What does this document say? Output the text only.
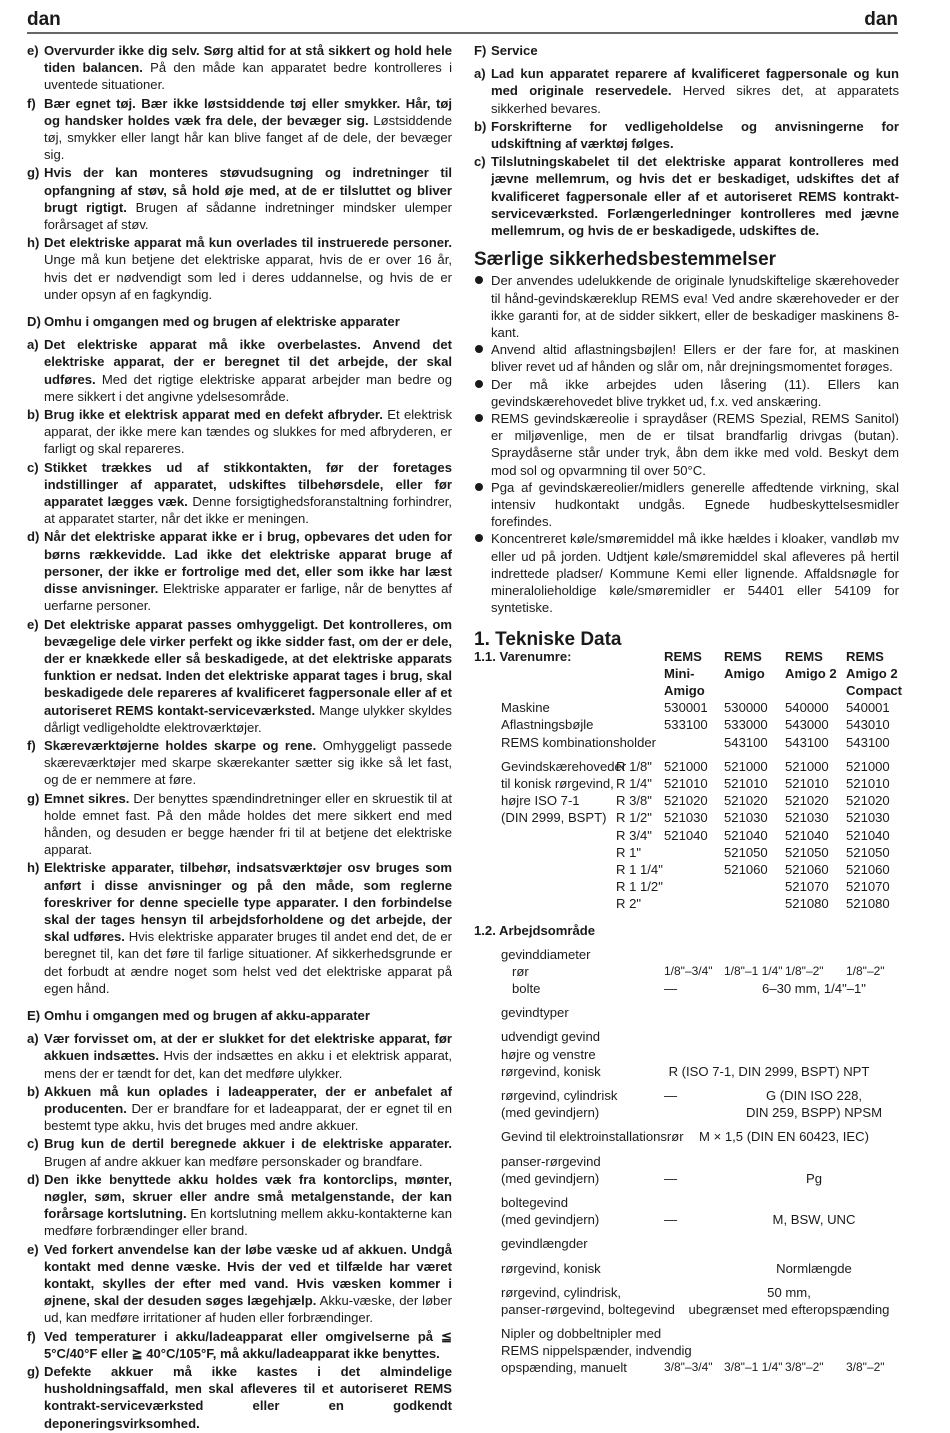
dan	dan
e) Overvurder ikke dig selv. Sørg altid for at stå sikkert og hold hele tiden balancen. På den måde kan apparatet bedre kontrolleres i uventede situationer.
f) Bær egnet tøj. Bær ikke løstsiddende tøj eller smykker. Hår, tøj og handsker holdes væk fra dele, der bevæger sig. Løstsiddende tøj, smykker eller langt hår kan blive fanget af de dele, der bevæger sig.
g) Hvis der kan monteres støvudsugning og indretninger til opfangning af støv, så hold øje med, at de er tilsluttet og bliver brugt rigtigt. Brugen af sådanne indretninger mindsker ulemper forårsaget af støv.
h) Det elektriske apparat må kun overlades til instruerede personer. Unge må kun betjene det elektriske apparat, hvis de er over 16 år, hvis det er nødvendigt som led i deres uddannelse, og hvis de er under opsyn af en fagkyndig.
D) Omhu i omgangen med og brugen af elektriske apparater
a) Det elektriske apparat må ikke overbelastes. Anvend det elektriske apparat, der er beregnet til det arbejde, der skal udføres. Med det rigtige elektriske apparat arbejder man bedre og mere sikkert i det angivne ydelsesområde.
b) Brug ikke et elektrisk apparat med en defekt afbryder. Et elektrisk apparat, der ikke mere kan tændes og slukkes for med afbryderen, er farligt og skal repareres.
c) Stikket trækkes ud af stikkontakten, før der foretages indstillinger af apparatet, udskiftes tilbehørsdele, eller før apparatet lægges væk. Denne forsigtighedsforanstaltning forhindrer, at apparatet starter, når det ikke er meningen.
d) Når det elektriske apparat ikke er i brug, opbevares det uden for børns rækkevidde. Lad ikke det elektriske apparat bruge af personer, der ikke er fortrolige med det, eller som ikke har læst disse anvisninger. Elektriske apparater er farlige, når de benyttes af uerfarne personer.
e) Det elektriske apparat passes omhyggeligt. Det kontrolleres, om bevægelige dele virker perfekt og ikke sidder fast, om der er dele, der er knækkede eller så beskadigede, at det elektriske apparats funktion er nedsat. Inden det elektriske apparat tages i brug, skal beskadigede dele repareres af kvalificeret fagpersonale eller af et autoriseret REMS kontakt-serviceværksted. Mange ulykker skyldes dårligt vedligeholdte elektroværktøjer.
f) Skæreværktøjerne holdes skarpe og rene. Omhyggeligt passede skæreværktøjer med skarpe skærekanter sætter sig ikke så let fast, og de er nemmere at føre.
g) Emnet sikres. Der benyttes spændindretninger eller en skruestik til at holde emnet fast. På den måde holdes det mere sikkert end med hånden, og desuden er begge hænder fri til at betjene det elektriske apparat.
h) Elektriske apparater, tilbehør, indsatsværktøjer osv bruges som anført i disse anvisninger og på den måde, som reglerne foreskriver for denne specielle type apparater. I den forbindelse skal der tages hensyn til arbejdsforholdene og det arbejde, der skal udføres. Hvis elektriske apparater bruges til andet end det, de er beregnet til, kan det føre til farlige situationer. Af sikkerhedsgrunde er det forbudt at ændre noget som helst ved det elektriske apparat på egen hånd.
E) Omhu i omgangen med og brugen af akku-apparater
a) Vær forvisset om, at der er slukket for det elektriske apparat, før akkuen indsættes. Hvis der indsættes en akku i et elektrisk apparat, mens der er tændt for det, kan det medføre ulykker.
b) Akkuen må kun oplades i ladeapperater, der er anbefalet af producenten. Der er brandfare for et ladeapparat, der er egnet til en bestemt type akku, hvis det bruges med andre akkuer.
c) Brug kun de dertil beregnede akkuer i de elektriske apparater. Brugen af andre akkuer kan medføre personskader og brandfare.
d) Den ikke benyttede akku holdes væk fra kontorclips, mønter, nøgler, søm, skruer eller andre små metalgenstande, der kan forårsage kortslutning. En kortslutning mellem akku-kontakterne kan medføre forbrændinger eller brand.
e) Ved forkert anvendelse kan der løbe væske ud af akkuen. Undgå kontakt med denne væske. Hvis der ved et tilfælde har været kontakt, skylles der efter med vand. Hvis væsken kommer i øjnene, skal der desuden søges lægehjælp. Akku-væske, der løber ud, kan medføre irritationer af huden eller forbrændinger.
f) Ved temperaturer i akku/ladeapparat eller omgivelserne på ≦ 5°C/40°F eller ≧ 40°C/105°F, må akku/ladeapparat ikke benyttes.
g) Defekte akkuer må ikke kastes i det almindelige husholdningsaffald, men skal afleveres til et autoriseret REMS kontrakt-serviceværksted eller en godkendt deponeringsvirksomhed.
F) Service
a) Lad kun apparatet reparere af kvalificeret fagpersonale og kun med originale reservedele. Herved sikres det, at apparatets sikkerhed bevares.
b) Forskrifterne for vedligeholdelse og anvisningerne for udskiftning af værktøj følges.
c) Tilslutningskabelet til det elektriske apparat kontrolleres med jævne mellemrum, og hvis det er beskadiget, udskiftes det af kvalificeret fagpersonale eller af et autoriseret REMS kontrakt-serviceværksted. Forlængerledninger kontrolleres med jævne mellemrum, og hvis de er beskadigede, udskiftes de.
Særlige sikkerhedsbestemmelser
Der anvendes udelukkende de originale lynudskiftelige skærehoveder til hånd-gevindskæreklup REMS eva! Ved andre skærehoveder er der ikke garanti for, at de sidder sikkert, eller de beskadiger maskinens 8-kant.
Anvend altid aflastningsbøjlen! Ellers er der fare for, at maskinen bliver revet ud af hånden og slår om, når drejningsmomentet forøges.
Der må ikke arbejdes uden låsering (11). Ellers kan gevindskærehovedet blive trykket ud, f.x. ved anskæring.
REMS gevindskæreolie i spraydåser (REMS Spezial, REMS Sanitol) er miljøvenlige, men de er tilsat brandfarlig drivgas (butan). Spraydåserne står under tryk, åbn dem ikke med vold. Beskyt dem mod sol og opvarmning til over 50°C.
Pga af gevindskæreolier/midlers generelle affedtende virkning, skal intensiv hudkontakt undgås. Egnede hudbeskyttelsesmidler forefindes.
Koncentreret køle/smøremiddel må ikke hældes i kloaker, vandløb mv eller ud på jorden. Udtjent køle/smøremiddel skal afleveres på hertil indrettede pladser/ Kommune Kemi eller lignende. Affaldsnøgle for mineralolieholdige køle/smøremidler er 54401 eller 54109 for syntetiske.
1. Tekniske Data
1.1. Varenumre:	REMS REMS REMS REMS
Mini- Amigo Amigo 2 Amigo 2
Amigo	Compact
Maskine	530001 530000 540000 540001
Aflastningsbøjle	533100 533000 543000 543010
REMS kombinationsholder	543100 543100 543100
Gevindskærehoveder
R 1/8" 521000 521000 521000 521000
til konisk rørgevind, R 1/4" 521010 521010 521010 521010
højre ISO 7-1	R 3/8" 521020 521020 521020 521020
(DIN 2999, BSPT) R 1/2" 521030 521030 521030 521030
R 3/4" 521040 521040 521040 521040
R 1"	521050 521050 521050
R 1 1/4"	521060 521060 521060
R 1 1/2"	521070 521070
R 2"	521080 521080
1.2. Arbejdsområde
gevinddiameter
rør	1/8"–3/4" 1/8"–1 1/4" 1/8"–2" 1/8"–2"
bolte	—	6–30 mm, 1/4"–1"
gevindtyper
udvendigt gevind
højre og venstre
rørgevind, konisk	R (ISO 7-1, DIN 2999, BSPT) NPT
rørgevind, cylindrisk	—	G (DIN ISO 228,
(med gevindjern)	DIN 259, BSPP) NPSM
Gevind til elektroinstallationsrør	M × 1,5 (DIN EN 60423, IEC)
panser-rørgevind
(med gevindjern)	—	Pg
boltegevind
(med gevindjern)	—	M, BSW, UNC
gevindlængder
rørgevind, konisk	Normlængde
rørgevind, cylindrisk,	50 mm,
panser-rørgevind, boltegevind	ubegrænset med efteropspænding
Nipler og dobbeltnipler med
REMS nippelspænder, indvendig
opspænding, manuelt	3/8"–3/4" 3/8"–1 1/4" 3/8"–2" 3/8"–2"
